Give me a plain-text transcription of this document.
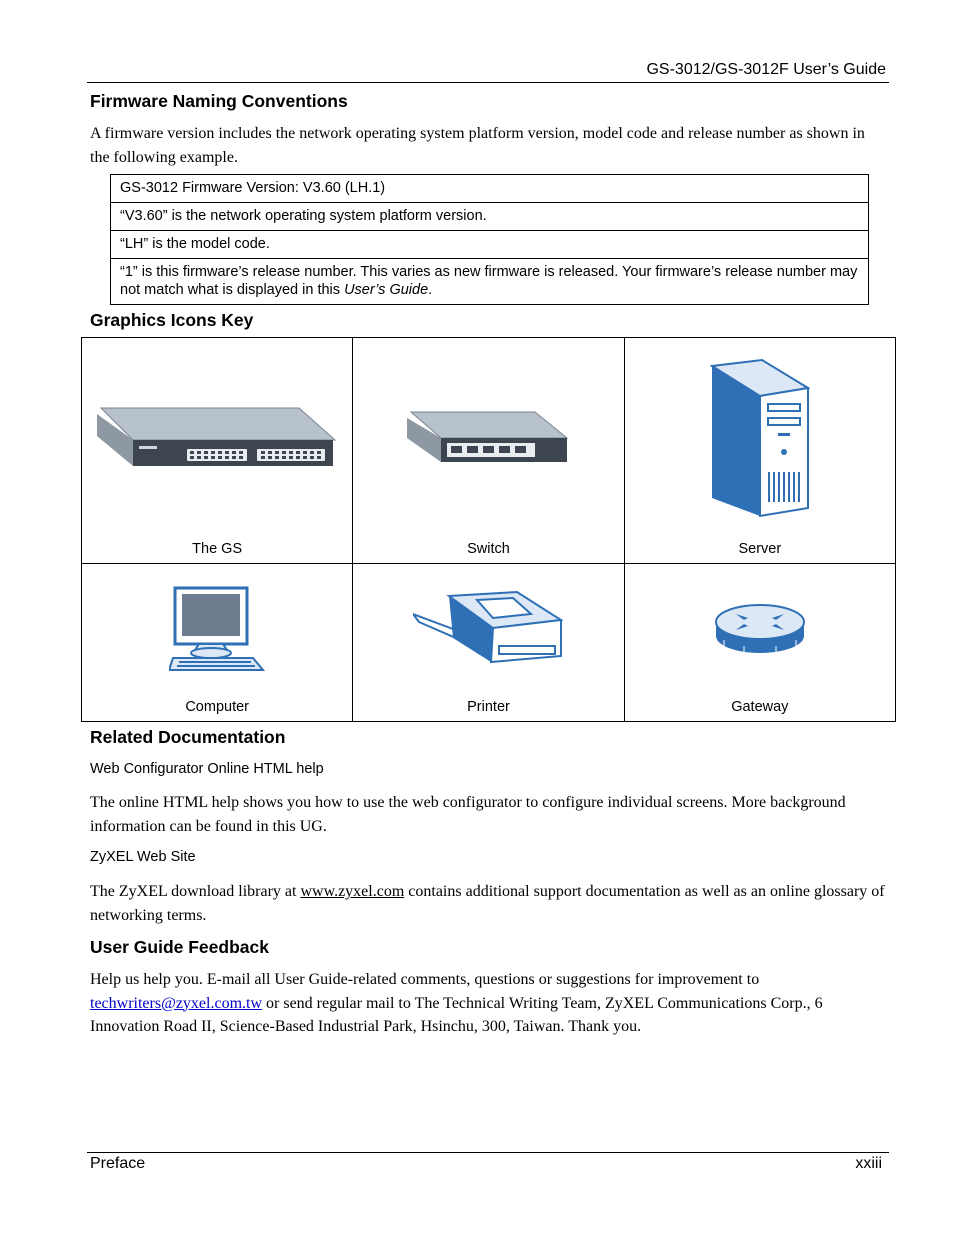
GS-3012/GS-3012F User’s Guide
Firmware Naming Conventions
A firmware version includes the network operating system platform version, model code and release number as shown in the following example.
GS-3012 Firmware Version: V3.60 (LH.1)
“V3.60” is the network operating system platform version.
“LH” is the model code.
“1” is this firmware’s release number. This varies as new firmware is released. Your firmware’s release number may not match what is displayed in this User’s Guide.
Graphics Icons Key
The GS	Switch	Server

Computer	Printer	Gateway
Related Documentation
Web Configurator Online HTML help
The online HTML help shows you how to use the web configurator to configure individual screens. More background information can be found in this UG.
ZyXEL Web Site
The ZyXEL download library at www.zyxel.com contains additional support documentation as well as an online glossary of networking terms.
User Guide Feedback
Help us help you. E-mail all User Guide-related comments, questions or suggestions for improvement to techwriters@zyxel.com.tw or send regular mail to The Technical Writing Team, ZyXEL Communications Corp., 6 Innovation Road II, Science-Based Industrial Park, Hsinchu, 300, Taiwan. Thank you.
Preface	xxiii
